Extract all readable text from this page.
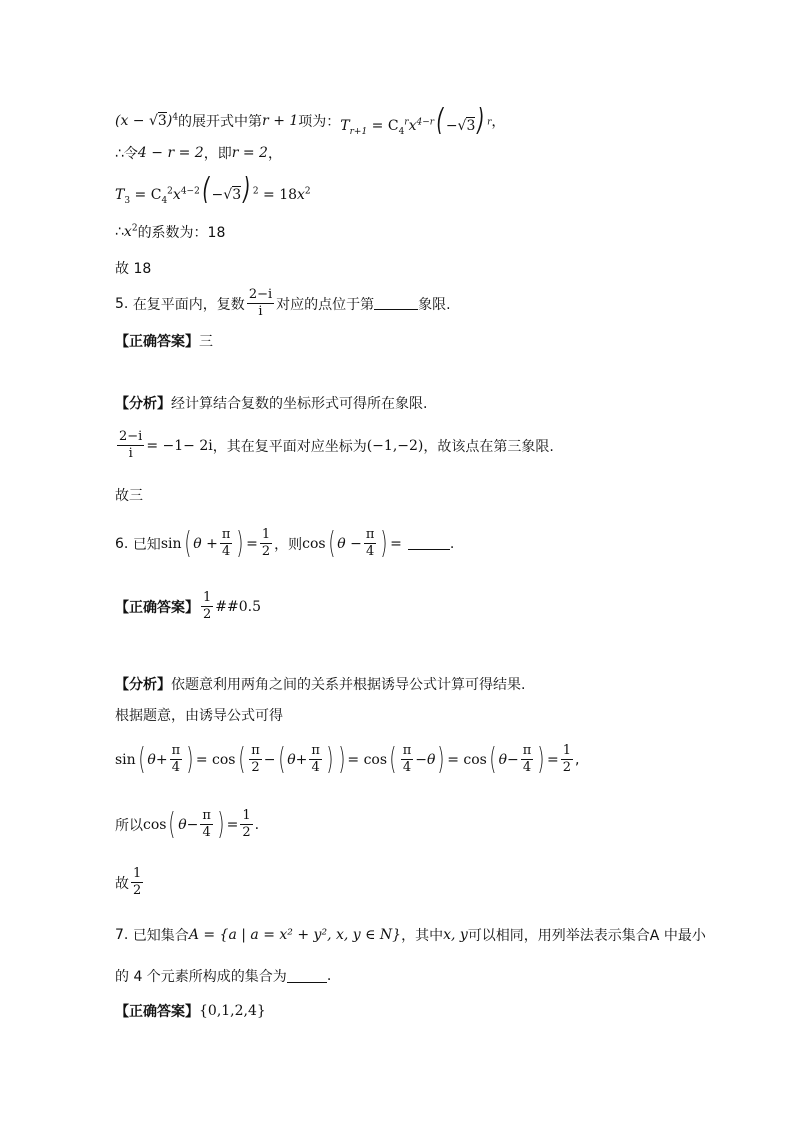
$(x - √3)^4$ 的展开式中第 r + 1 项为： $T_{r+1} = C_4^rx^{4-r}( -√3)$ $^r$ ，
∴令 4 − r = 2 ，即 r = 2 ，
$T_3 = C_4^2x^{4-2}( -√3) ^2 = 18x^2$
∴ $x^2$ 的系数为：18
故 18
5.
在复平面内，复数 $\frac{2-i}{i}$ 对应的点位于第	象限.
【正确答案】 三
【分析】 经计算结合复数的坐标形式可得所在象限.
$\frac{2-i}{i} = -1- 2i$ ，其在复平面对应坐标为 (−1,−2) ，故该点在第三象限.
故三
6.
已知 sin ( $\theta + \frac{\pi}{4}$ ) = $\frac{1}{2}$ ，则 cos ( $\theta - \frac{\pi}{4}$ ) =	.
【正确答案】 $\frac{1}{2}$ ##0.5
【分析】 依题意利用两角之间的关系并根据诱导公式计算可得结果.
根据题意，由诱导公式可得
sin ( $\theta + \frac{\pi}{4}$ ) =
cos ( $\frac{\pi}{2}$ − ( $\theta + \frac{\pi}{4}$ ) ) =
cos ( $\frac{\pi}{4} - \theta$ ) =
cos ( $\theta - \frac{\pi}{4}$ ) = $\frac{1}{2}$ ,
所以 cos ( $\theta - \frac{\pi}{4}$ ) = $\frac{1}{2}$ .
故 $\frac{1}{2}$
7.
已知集合 A = {a | a = x² + y², x, y ∈ N} ，其中 x, y 可以相同，用列举法表示集合A 中最小
的 4 个元素所构成的集合为	.
【正确答案】 {0,1,2,4}
